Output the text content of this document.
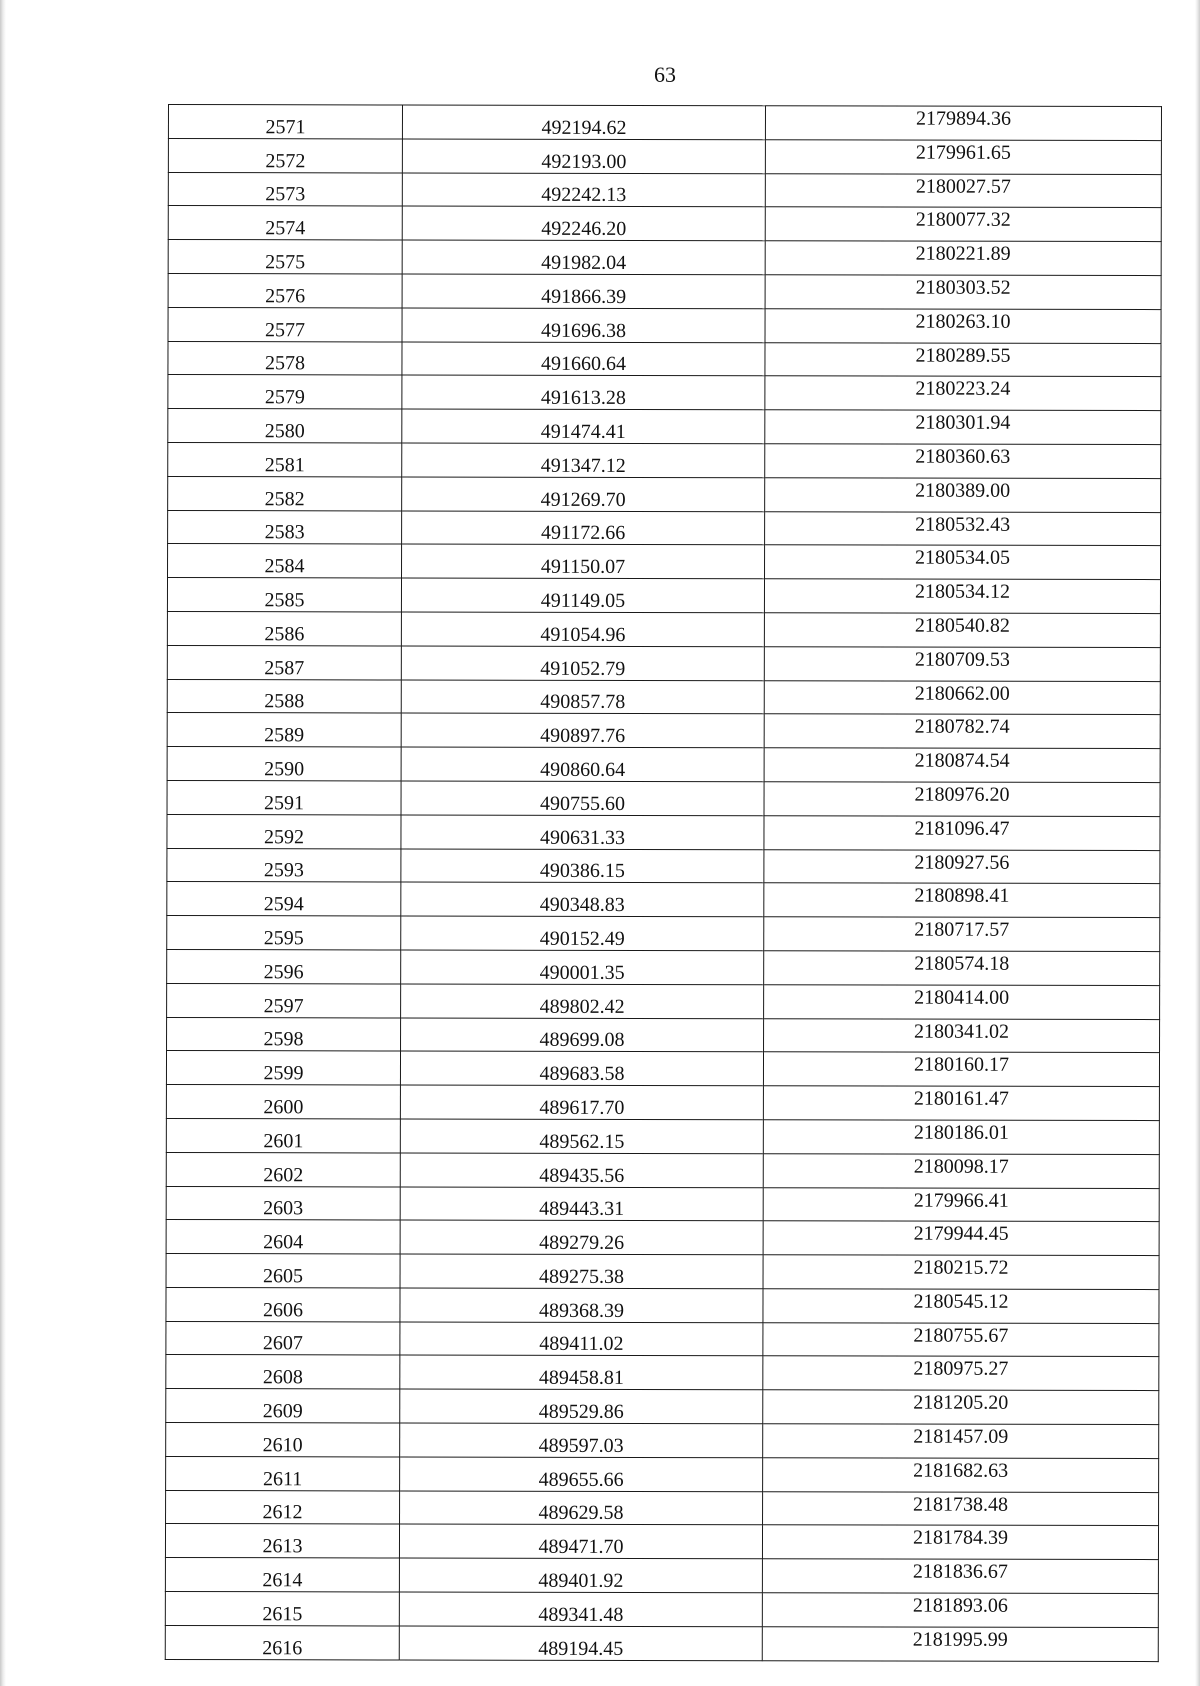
63
2571	492194.62	2179894.36
2572	492193.00	2179961.65
2573	492242.13	2180027.57
2574	492246.20	2180077.32
2575	491982.04	2180221.89
2576	491866.39	2180303.52
2577	491696.38	2180263.10
2578	491660.64	2180289.55
2579	491613.28	2180223.24
2580	491474.41	2180301.94
2581	491347.12	2180360.63
2582	491269.70	2180389.00
2583	491172.66	2180532.43
2584	491150.07	2180534.05
2585	491149.05	2180534.12
2586	491054.96	2180540.82
2587	491052.79	2180709.53
2588	490857.78	2180662.00
2589	490897.76	2180782.74
2590	490860.64	2180874.54
2591	490755.60	2180976.20
2592	490631.33	2181096.47
2593	490386.15	2180927.56
2594	490348.83	2180898.41
2595	490152.49	2180717.57
2596	490001.35	2180574.18
2597	489802.42	2180414.00
2598	489699.08	2180341.02
2599	489683.58	2180160.17
2600	489617.70	2180161.47
2601	489562.15	2180186.01
2602	489435.56	2180098.17
2603	489443.31	2179966.41
2604	489279.26	2179944.45
2605	489275.38	2180215.72
2606	489368.39	2180545.12
2607	489411.02	2180755.67
2608	489458.81	2180975.27
2609	489529.86	2181205.20
2610	489597.03	2181457.09
2611	489655.66	2181682.63
2612	489629.58	2181738.48
2613	489471.70	2181784.39
2614	489401.92	2181836.67
2615	489341.48	2181893.06
2616	489194.45	2181995.99
